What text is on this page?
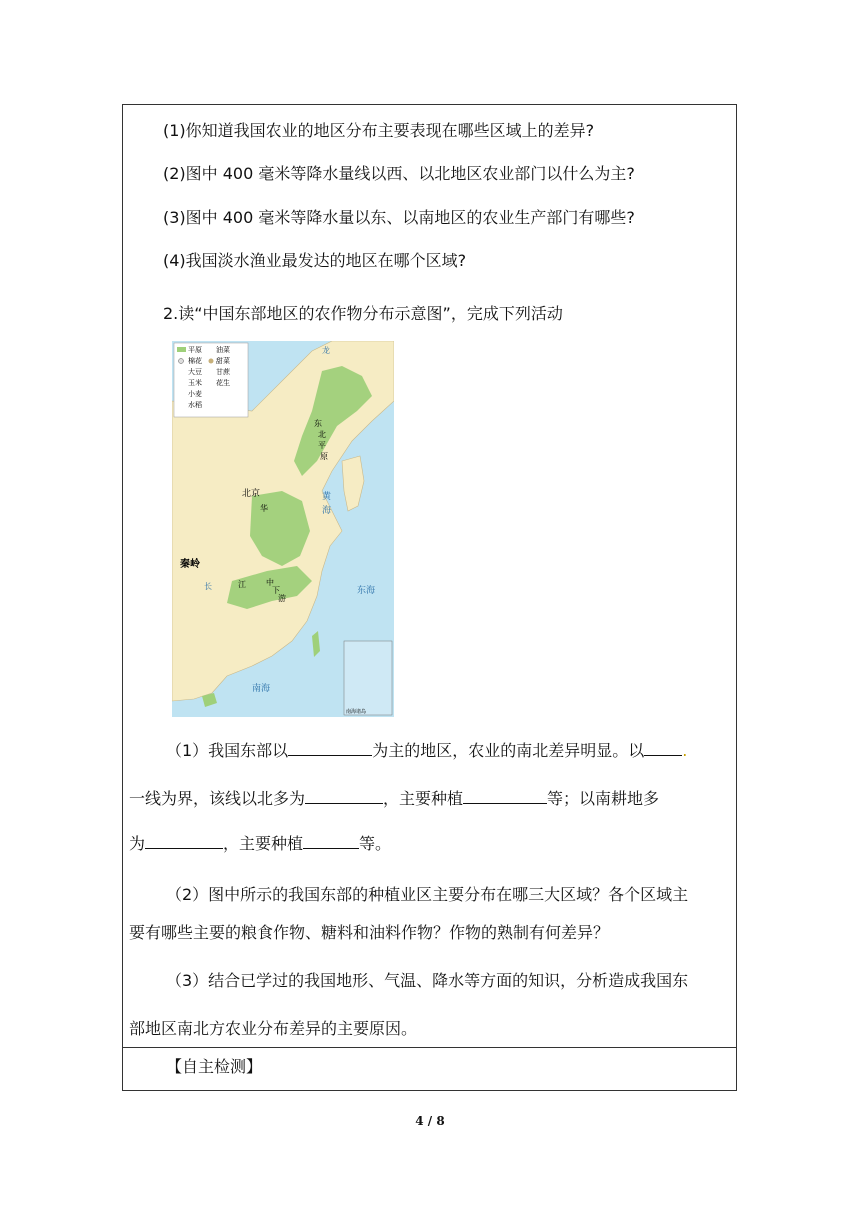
(1)你知道我国农业的地区分布主要表现在哪些区域上的差异?
(2)图中 400 毫米等降水量线以西、以北地区农业部门以什么为主?
(3)图中 400 毫米等降水量以东、以南地区的农业生产部门有哪些?
(4)我国淡水渔业最发达的地区在哪个区域?
2.读“中国东部地区的农作物分布示意图”，完成下列活动
平原 油菜
棉花 甜菜
大豆 甘蔗
玉米 花生
小麦
水稻
北京
秦岭
东海
南海
黄
海
长	江
东
北
平
原
华
中
下
游
龙
南海诸岛
（1）我国东部以	为主的地区，农业的南北差异明显。以 .
一线为界，该线以北多为	，主要种植	等；以南耕地多
为	，主要种植	等。
（2）图中所示的我国东部的种植业区主要分布在哪三大区域？各个区域主
要有哪些主要的粮食作物、糖料和油料作物？作物的熟制有何差异？
（3）结合已学过的我国地形、气温、降水等方面的知识，分析造成我国东
部地区南北方农业分布差异的主要原因。
【自主检测】
4 / 8
